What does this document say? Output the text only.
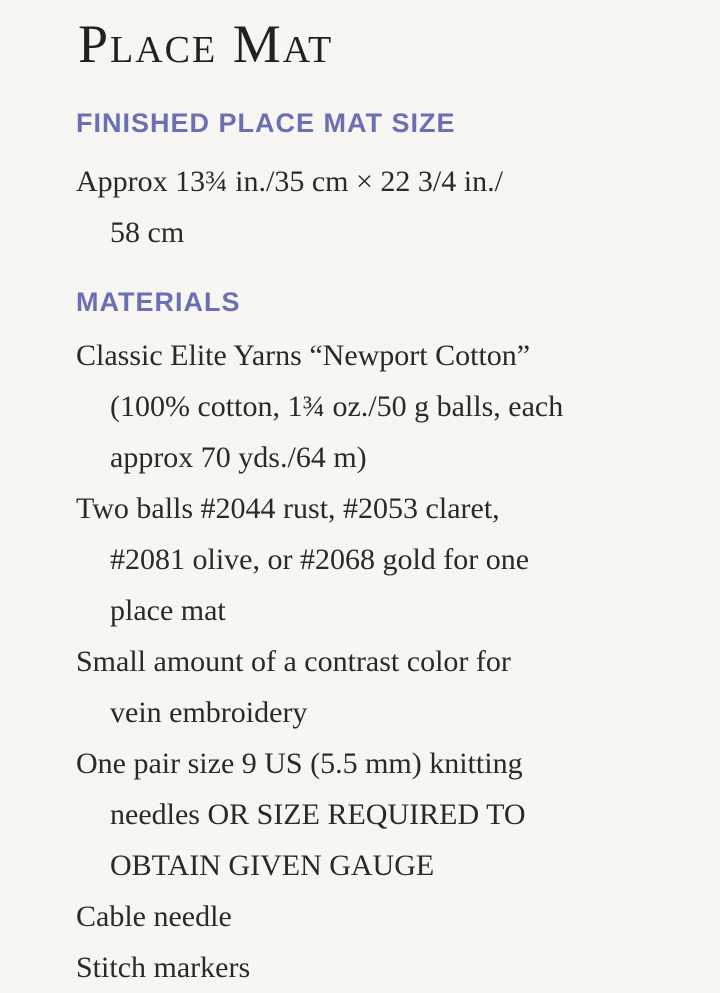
Place Mat
FINISHED PLACE MAT SIZE

Approx 13¾ in./35 cm × 22 3/4 in./
58 cm

MATERIALS

Classic Elite Yarns “Newport Cotton”
(100% cotton, 1¾ oz./50 g balls, each
approx 70 yds./64 m)

Two balls #2044 rust, #2053 claret,
#2081 olive, or #2068 gold for one
place mat

Small amount of a contrast color for
vein embroidery

One pair size 9 US (5.5 mm) knitting
needles OR SIZE REQUIRED TO
OBTAIN GIVEN GAUGE

Cable needle

Stitch markers
